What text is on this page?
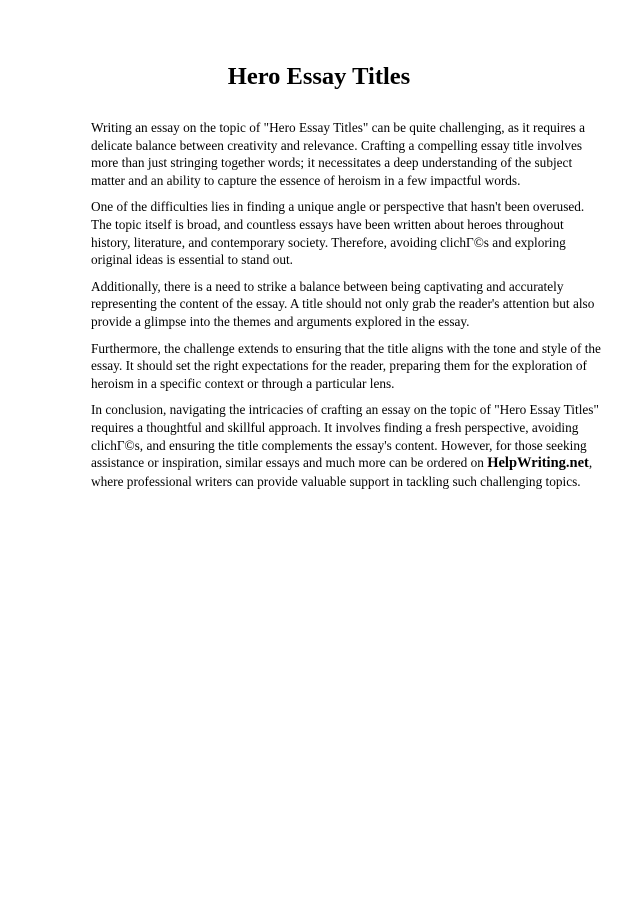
Hero Essay Titles

Writing an essay on the topic of "Hero Essay Titles" can be quite challenging, as it requires a delicate balance between creativity and relevance. Crafting a compelling essay title involves more than just stringing together words; it necessitates a deep understanding of the subject matter and an ability to capture the essence of heroism in a few impactful words.

One of the difficulties lies in finding a unique angle or perspective that hasn't been overused. The topic itself is broad, and countless essays have been written about heroes throughout history, literature, and contemporary society. Therefore, avoiding clichГ©s and exploring original ideas is essential to stand out.

Additionally, there is a need to strike a balance between being captivating and accurately representing the content of the essay. A title should not only grab the reader's attention but also provide a glimpse into the themes and arguments explored in the essay.

Furthermore, the challenge extends to ensuring that the title aligns with the tone and style of the essay. It should set the right expectations for the reader, preparing them for the exploration of heroism in a specific context or through a particular lens.

In conclusion, navigating the intricacies of crafting an essay on the topic of "Hero Essay Titles" requires a thoughtful and skillful approach. It involves finding a fresh perspective, avoiding clichГ©s, and ensuring the title complements the essay's content. However, for those seeking assistance or inspiration, similar essays and much more can be ordered on HelpWriting.net, where professional writers can provide valuable support in tackling such challenging topics.
